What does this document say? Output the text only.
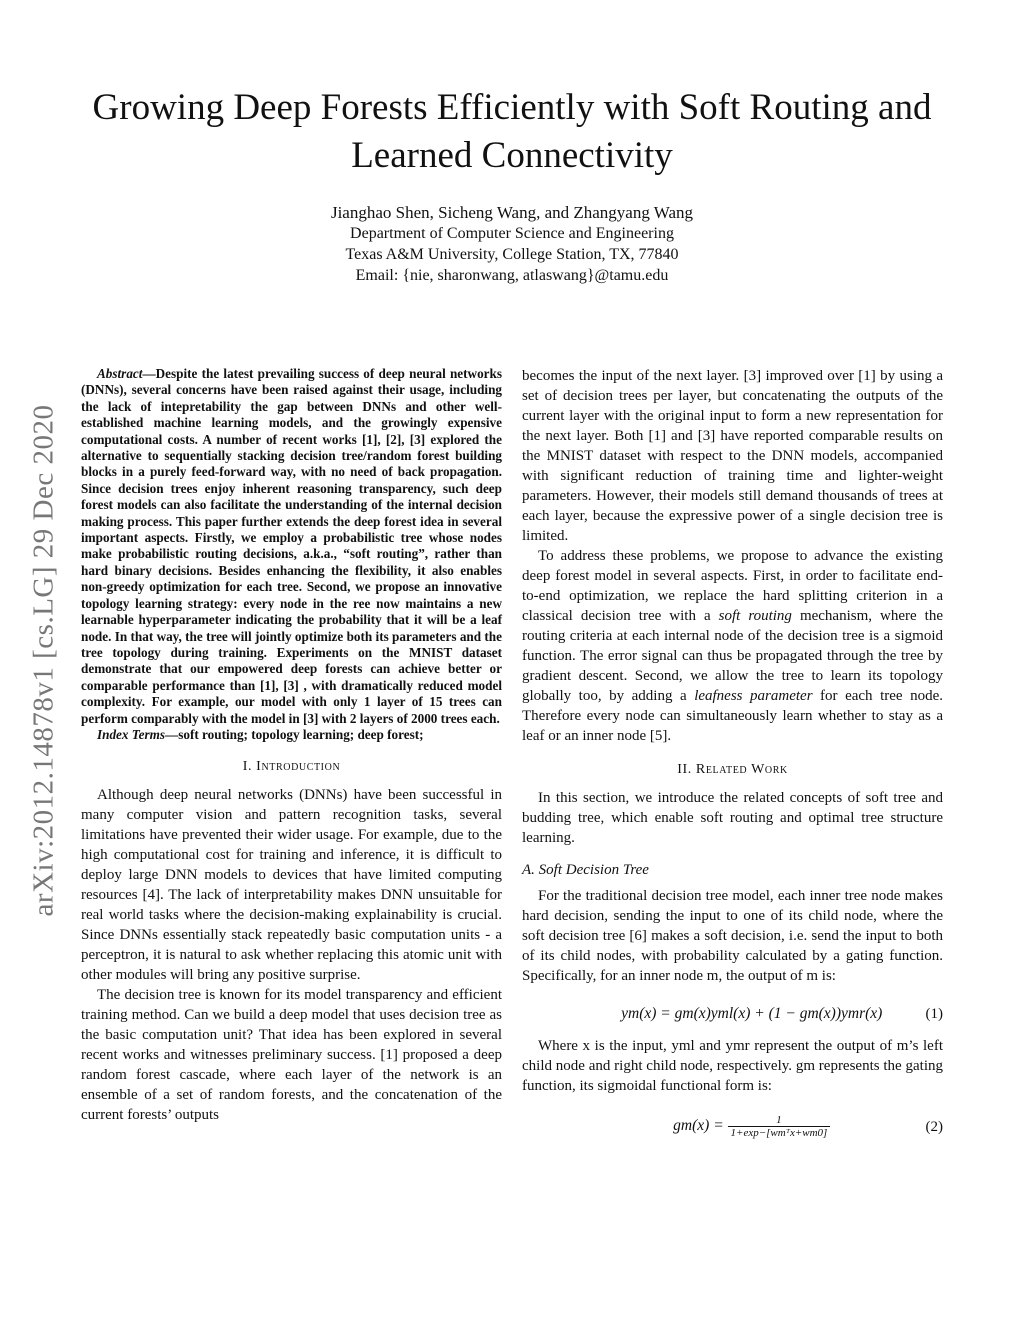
arXiv:2012.14878v1 [cs.LG] 29 Dec 2020
Growing Deep Forests Efficiently with Soft Routing and Learned Connectivity
Jianghao Shen, Sicheng Wang, and Zhangyang Wang
Department of Computer Science and Engineering
Texas A&M University, College Station, TX, 77840
Email: {nie, sharonwang, atlaswang}@tamu.edu

Abstract—Despite the latest prevailing success of deep neural networks (DNNs), several concerns have been raised against their usage, including the lack of intepretability the gap between DNNs and other well-established machine learning models, and the growingly expensive computational costs. A number of recent works [1], [2], [3] explored the alternative to sequentially stacking decision tree/random forest building blocks in a purely feed-forward way, with no need of back propagation. Since decision trees enjoy inherent reasoning transparency, such deep forest models can also facilitate the understanding of the internal decision making process. This paper further extends the deep forest idea in several important aspects. Firstly, we employ a probabilistic tree whose nodes make probabilistic routing decisions, a.k.a., “soft routing”, rather than hard binary decisions. Besides enhancing the flexibility, it also enables non-greedy optimization for each tree. Second, we propose an innovative topology learning strategy: every node in the ree now maintains a new learnable hyperparameter indicating the probability that it will be a leaf node. In that way, the tree will jointly optimize both its parameters and the tree topology during training. Experiments on the MNIST dataset demonstrate that our empowered deep forests can achieve better or comparable performance than [1], [3] , with dramatically reduced model complexity. For example, our model with only 1 layer of 15 trees can perform comparably with the model in [3] with 2 layers of 2000 trees each.

Index Terms—soft routing; topology learning; deep forest;

I. Introduction

Although deep neural networks (DNNs) have been successful in many computer vision and pattern recognition tasks, several limitations have prevented their wider usage. For example, due to the high computational cost for training and inference, it is difficult to deploy large DNN models to devices that have limited computing resources [4]. The lack of interpretability makes DNN unsuitable for real world tasks where the decision-making explainability is crucial. Since DNNs essentially stack repeatedly basic computation units - a perceptron, it is natural to ask whether replacing this atomic unit with other modules will bring any positive surprise.

The decision tree is known for its model transparency and efficient training method. Can we build a deep model that uses decision tree as the basic computation unit? That idea has been explored in several recent works and witnesses preliminary success. [1] proposed a deep random forest cascade, where each layer of the network is an ensemble of a set of random forests, and the concatenation of the current forests’ outputs

becomes the input of the next layer. [3] improved over [1] by using a set of decision trees per layer, but concatenating the outputs of the current layer with the original input to form a new representation for the next layer. Both [1] and [3] have reported comparable results on the MNIST dataset with respect to the DNN models, accompanied with significant reduction of training time and lighter-weight parameters. However, their models still demand thousands of trees at each layer, because the expressive power of a single decision tree is limited.

To address these problems, we propose to advance the existing deep forest model in several aspects. First, in order to facilitate end-to-end optimization, we replace the hard splitting criterion in a classical decision tree with a soft routing mechanism, where the routing criteria at each internal node of the decision tree is a sigmoid function. The error signal can thus be propagated through the tree by gradient descent. Second, we allow the tree to learn its topology globally too, by adding a leafness parameter for each tree node. Therefore every node can simultaneously learn whether to stay as a leaf or an inner node [5].

II. Related Work

In this section, we introduce the related concepts of soft tree and budding tree, which enable soft routing and optimal tree structure learning.

A. Soft Decision Tree

For the traditional decision tree model, each inner tree node makes hard decision, sending the input to one of its child node, where the soft decision tree [6] makes a soft decision, i.e. send the input to both of its child nodes, with probability calculated by a gating function. Specifically, for an inner node m, the output of m is:

ym(x) = gm(x)yml(x) + (1 − gm(x))ymr(x)	(1)

Where x is the input, yml and ymr represent the output of m’s left child node and right child node, respectively. gm represents the gating function, its sigmoidal functional form is:

$gm(x) = \frac{1}{\text{1+exp−[wmᵀx+wm0]}}$	(2)
